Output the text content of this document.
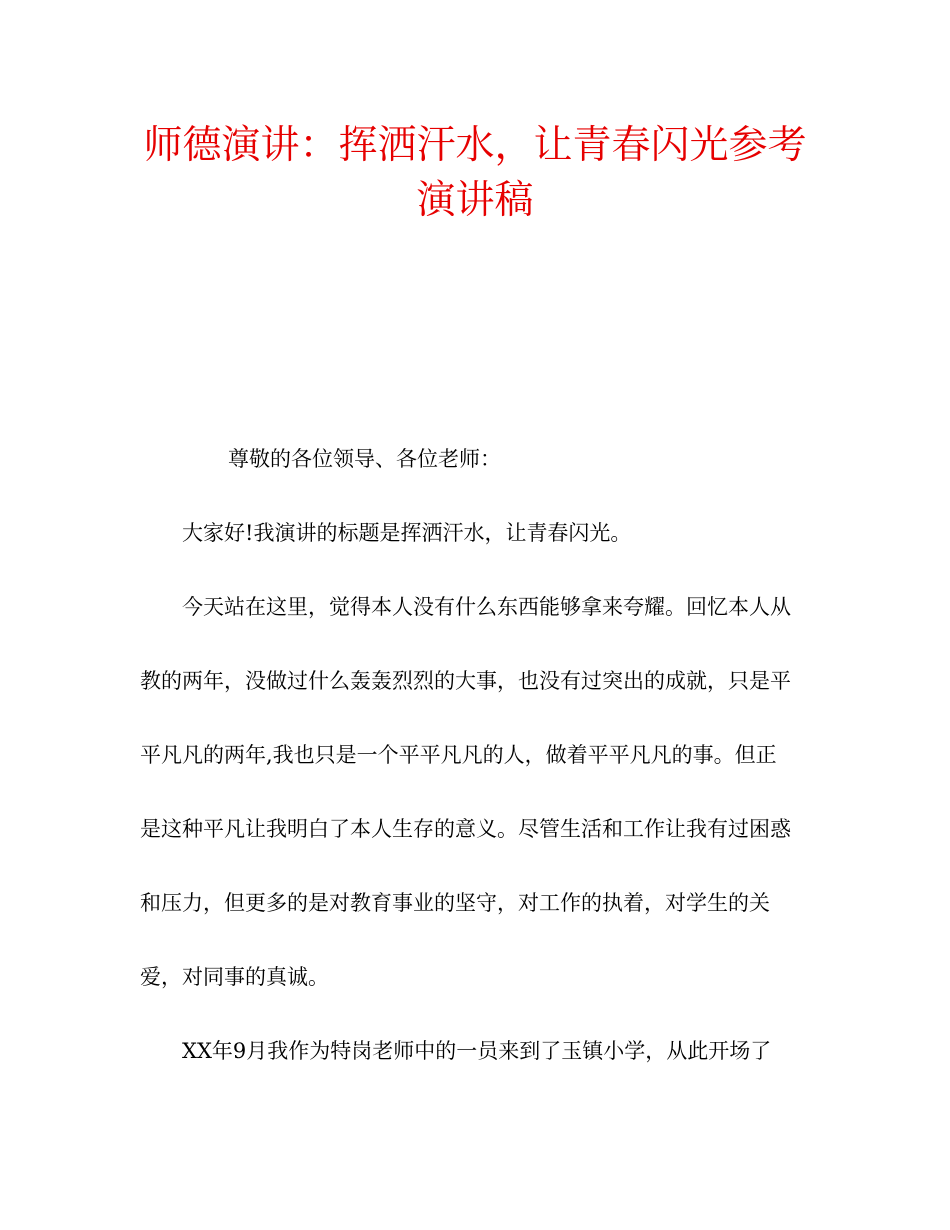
师德演讲：挥洒汗水，让青春闪光参考演讲稿

尊敬的各位领导、各位老师：

大家好!我演讲的标题是挥洒汗水，让青春闪光。

今天站在这里，觉得本人没有什么东西能够拿来夸耀。回忆本人从教的两年，没做过什么轰轰烈烈的大事，也没有过突出的成就，只是平平凡凡的两年,我也只是一个平平凡凡的人，做着平平凡凡的事。但正是这种平凡让我明白了本人生存的意义。尽管生活和工作让我有过困惑和压力，但更多的是对教育事业的坚守，对工作的执着，对学生的关爱，对同事的真诚。

XX年9月我作为特岗老师中的一员来到了玉镇小学，从此开场了
